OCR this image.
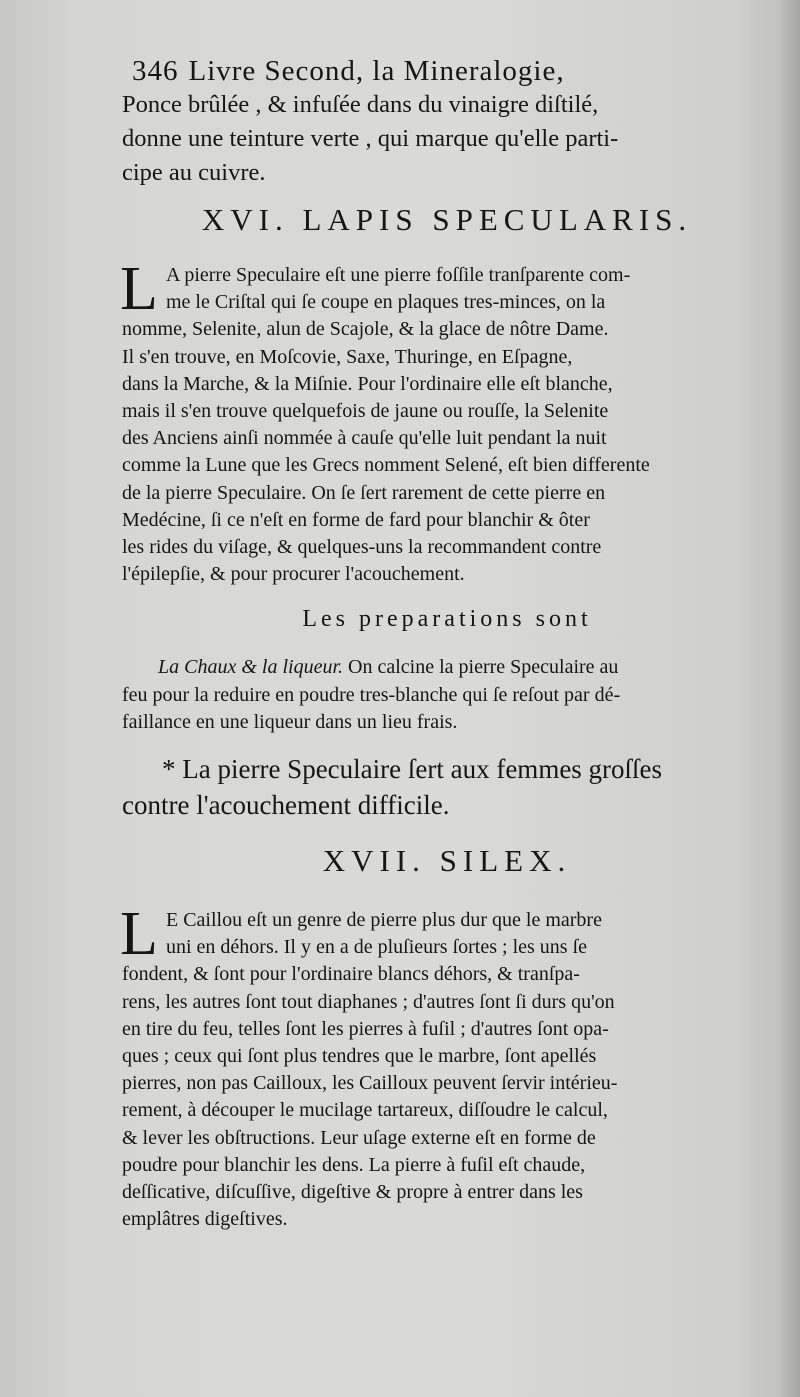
346 Livre Second, la Mineralogie,
Ponce brûlée , & infuſée dans du vinaigre diſtilé,
donne une teinture verte , qui marque qu'elle parti-
cipe au cuivre.
XVI. LAPIS SPECULARIS.
L A pierre Speculaire eſt une pierre foſſile tranſparente com-
me le Criſtal qui ſe coupe en plaques tres-minces, on la
nomme, Selenite, alun de Scajole, & la glace de nôtre Dame.
Il s'en trouve, en Moſcovie, Saxe, Thuringe, en Eſpagne,
dans la Marche, & la Miſnie. Pour l'ordinaire elle eſt blanche,
mais il s'en trouve quelquefois de jaune ou rouſſe, la Selenite
des Anciens ainſi nommée à cauſe qu'elle luit pendant la nuit
comme la Lune que les Grecs nomment Selené, eſt bien differente
de la pierre Speculaire. On ſe ſert rarement de cette pierre en
Medécine, ſi ce n'eſt en forme de fard pour blanchir & ôter
les rides du viſage, & quelques-uns la recommandent contre
l'épilepſie, & pour procurer l'acouchement.
Les preparations sont
La Chaux & la liqueur. On calcine la pierre Speculaire au
feu pour la reduire en poudre tres-blanche qui ſe reſout par dé-
faillance en une liqueur dans un lieu frais.
* La pierre Speculaire ſert aux femmes groſſes
contre l'acouchement difficile.
XVII. SILEX.
L E Caillou eſt un genre de pierre plus dur que le marbre
uni en déhors. Il y en a de pluſieurs ſortes ; les uns ſe
fondent, & ſont pour l'ordinaire blancs déhors, & tranſpa-
rens, les autres ſont tout diaphanes ; d'autres ſont ſi durs qu'on
en tire du feu, telles ſont les pierres à fuſil ; d'autres ſont opa-
ques ; ceux qui ſont plus tendres que le marbre, ſont apellés
pierres, non pas Cailloux, les Cailloux peuvent ſervir intérieu-
rement, à découper le mucilage tartareux, diſſoudre le calcul,
& lever les obſtructions. Leur uſage externe eſt en forme de
poudre pour blanchir les dens. La pierre à fuſil eſt chaude,
deſſicative, diſcuſſive, digeſtive & propre à entrer dans les
emplâtres digeſtives.
